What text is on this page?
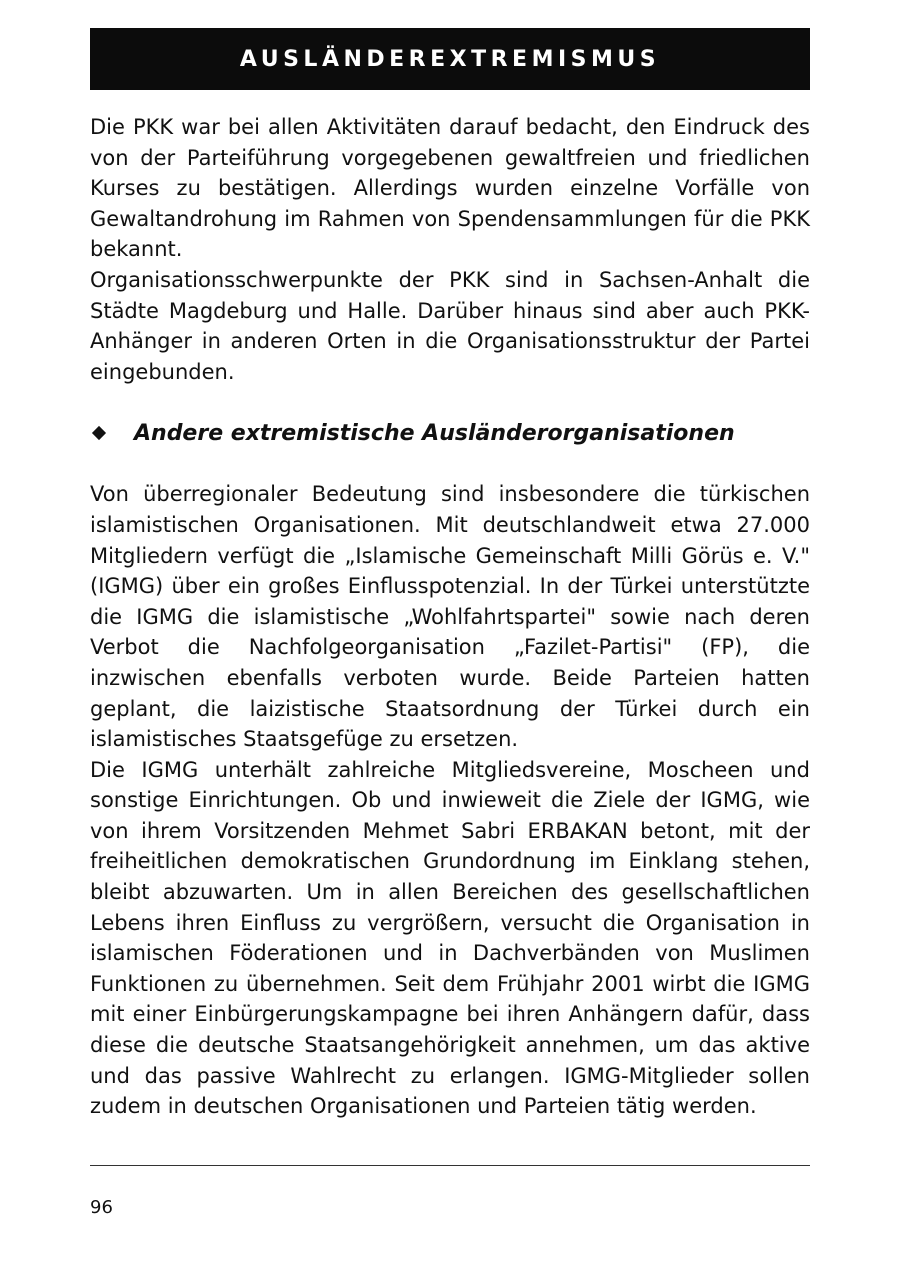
AUSLÄNDEREXTREMISMUS

Die PKK war bei allen Aktivitäten darauf bedacht, den Eindruck des von der Parteiführung vorgegebenen gewaltfreien und friedlichen Kurses zu bestätigen. Allerdings wurden einzelne Vorfälle von Gewaltandrohung im Rahmen von Spendensammlungen für die PKK bekannt.

Organisationsschwerpunkte der PKK sind in Sachsen-Anhalt die Städte Magdeburg und Halle. Darüber hinaus sind aber auch PKK-Anhänger in anderen Orten in die Organisationsstruktur der Partei eingebunden.

Andere extremistische Ausländerorganisationen

Von überregionaler Bedeutung sind insbesondere die türkischen islamistischen Organisationen. Mit deutschlandweit etwa 27.000 Mitgliedern verfügt die „Islamische Gemeinschaft Milli Görüs e. V." (IGMG) über ein großes Einflusspotenzial. In der Türkei unterstützte die IGMG die islamistische „Wohlfahrtspartei" sowie nach deren Verbot die Nachfolgeorganisation „Fazilet-Partisi" (FP), die inzwischen ebenfalls verboten wurde. Beide Parteien hatten geplant, die laizistische Staatsordnung der Türkei durch ein islamistisches Staatsgefüge zu ersetzen.

Die IGMG unterhält zahlreiche Mitgliedsvereine, Moscheen und sonstige Einrichtungen. Ob und inwieweit die Ziele der IGMG, wie von ihrem Vorsitzenden Mehmet Sabri ERBAKAN betont, mit der freiheitlichen demokratischen Grundordnung im Einklang stehen, bleibt abzuwarten. Um in allen Bereichen des gesellschaftlichen Lebens ihren Einfluss zu vergrößern, versucht die Organisation in islamischen Föderationen und in Dachverbänden von Muslimen Funktionen zu übernehmen. Seit dem Frühjahr 2001 wirbt die IGMG mit einer Einbürgerungskampagne bei ihren Anhängern dafür, dass diese die deutsche Staatsangehörigkeit annehmen, um das aktive und das passive Wahlrecht zu erlangen. IGMG-Mitglieder sollen zudem in deutschen Organisationen und Parteien tätig werden.

96
